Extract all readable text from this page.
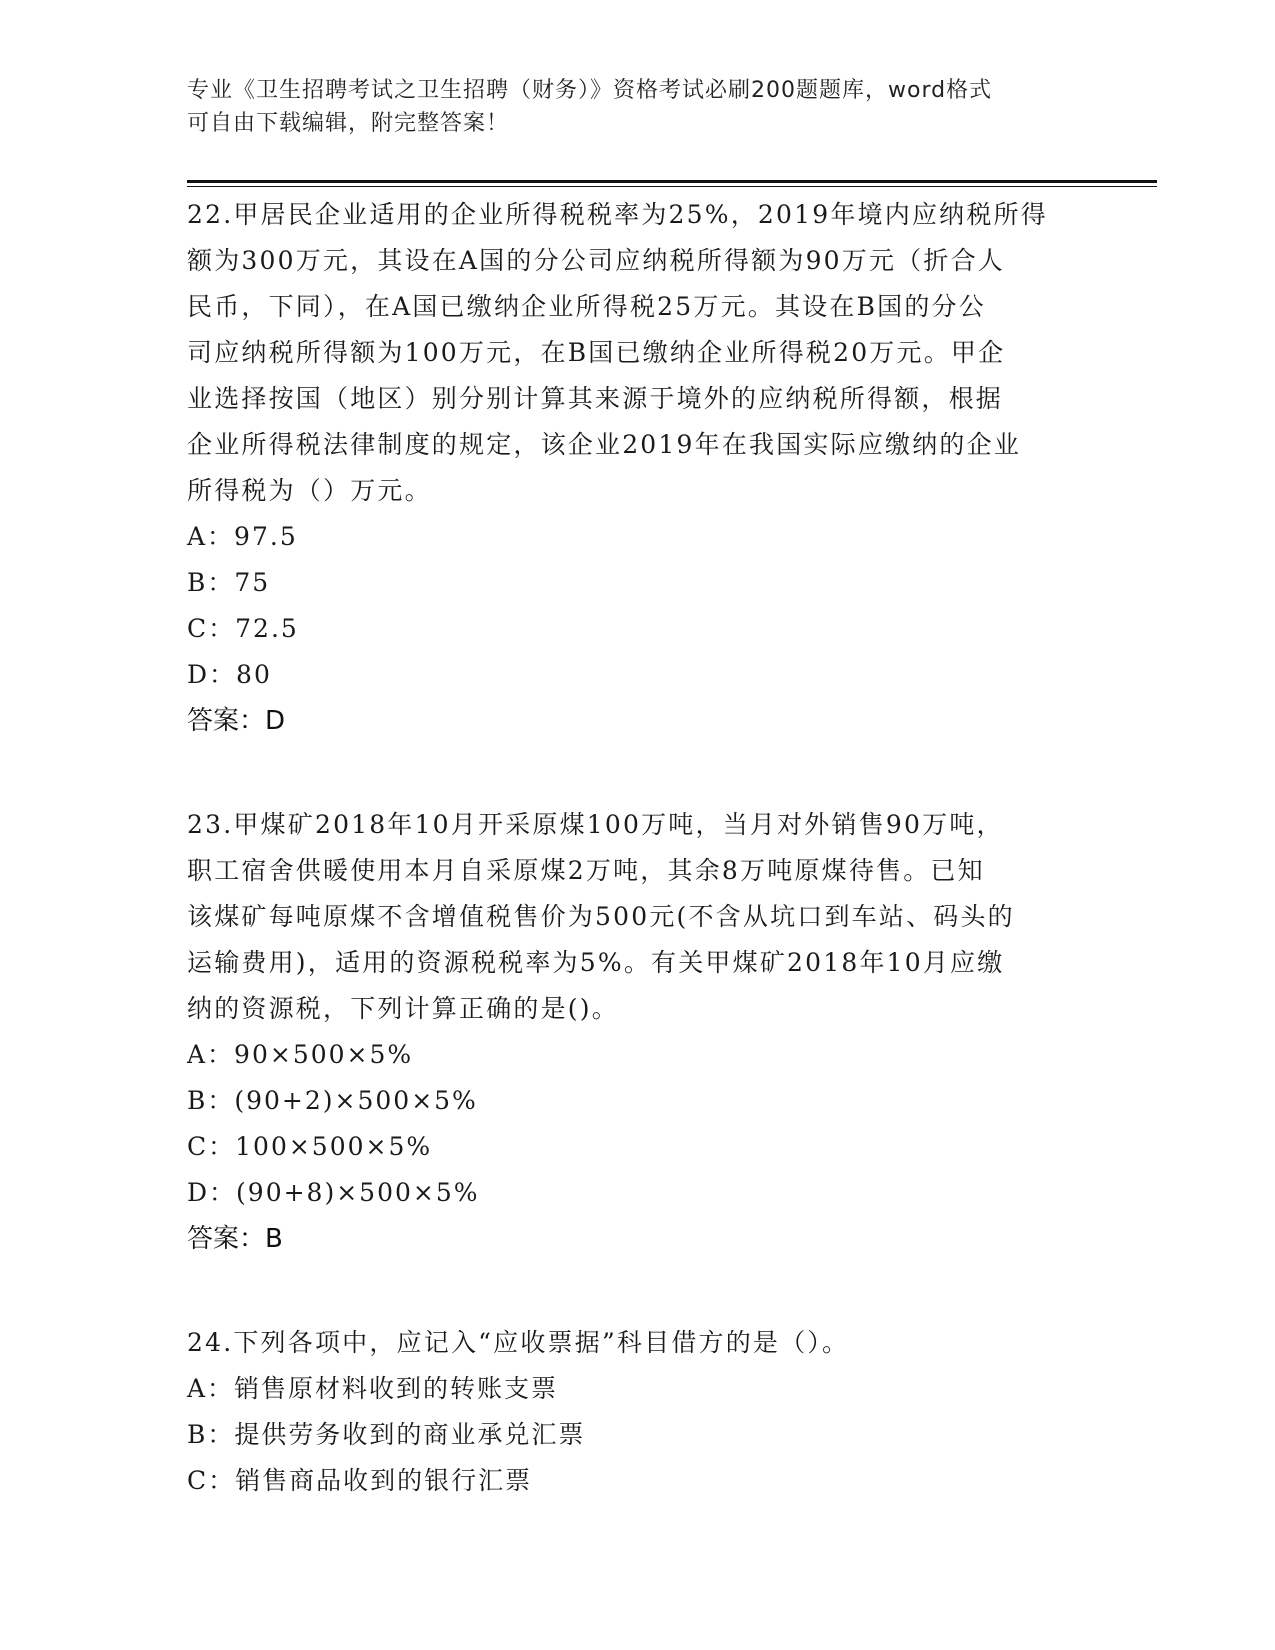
专业《卫生招聘考试之卫生招聘（财务）》资格考试必刷200题题库，word格式
可自由下载编辑，附完整答案！
22.甲居民企业适用的企业所得税税率为25%，2019年境内应纳税所得
额为300万元，其设在A国的分公司应纳税所得额为90万元（折合人
民币，下同），在A国已缴纳企业所得税25万元。其设在B国的分公
司应纳税所得额为100万元，在B国已缴纳企业所得税20万元。甲企
业选择按国（地区）别分别计算其来源于境外的应纳税所得额，根据
企业所得税法律制度的规定，该企业2019年在我国实际应缴纳的企业
所得税为（）万元。
A：97.5
B：75
C：72.5
D：80
答案：D
23.甲煤矿2018年10月开采原煤100万吨，当月对外销售90万吨，
职工宿舍供暖使用本月自采原煤2万吨，其余8万吨原煤待售。已知
该煤矿每吨原煤不含增值税售价为500元(不含从坑口到车站、码头的
运输费用)，适用的资源税税率为5%。有关甲煤矿2018年10月应缴
纳的资源税，下列计算正确的是()。
A：90×500×5%
B：(90+2)×500×5%
C：100×500×5%
D：(90+8)×500×5%
答案：B
24.下列各项中，应记入“应收票据”科目借方的是（）。
A：销售原材料收到的转账支票
B：提供劳务收到的商业承兑汇票
C：销售商品收到的银行汇票
